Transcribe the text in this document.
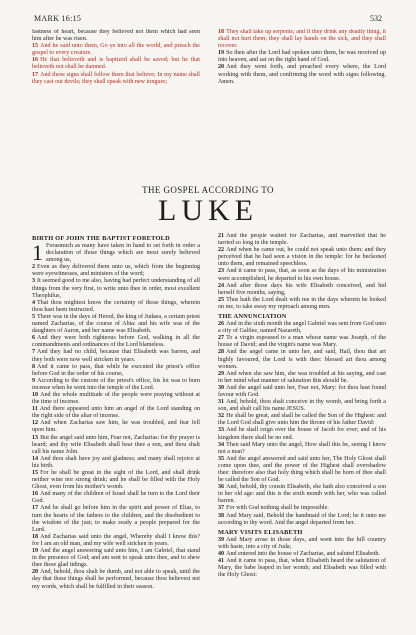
MARK 16:15	532

fastness of heart, because they believed not them which had seen him after he was risen.

15 And he said unto them, Go ye into all the world, and preach the gospel to every creature.

16 He that believeth and is baptized shall be saved; but he that believeth not shall be damned.

17 And these signs shall follow them that believe; In my name shall they cast out devils; they shall speak with new tongues;

18 They shall take up serpents; and if they drink any deadly thing, it shall not hurt them; they shall lay hands on the sick, and they shall recover.

19 So then after the Lord had spoken unto them, he was received up into heaven, and sat on the right hand of God.

20 And they went forth, and preached every where, the Lord working with them, and confirming the word with signs following. Amen.

THE GOSPEL ACCORDING TO
LUKE
BIRTH OF JOHN THE BAPTIST FORETOLD

1 Forasmuch as many have taken in hand to set forth in order a declaration of those things which are most surely believed among us,

2 Even as they delivered them unto us, which from the beginning were eyewitnesses, and ministers of the word;

3 It seemed good to me also, having had perfect understanding of all things from the very first, to write unto thee in order, most excellent Theophilus,

4 That thou mightest know the certainty of those things, wherein thou hast been instructed.

5 There was in the days of Herod, the king of Judaea, a certain priest named Zacharias, of the course of Abia: and his wife was of the daughters of Aaron, and her name was Elisabeth.

6 And they were both righteous before God, walking in all the commandments and ordinances of the Lord blameless.

7 And they had no child, because that Elisabeth was barren, and they both were now well stricken in years.

8 And it came to pass, that while he executed the priest's office before God in the order of his course,

9 According to the custom of the priest's office, his lot was to burn incense when he went into the temple of the Lord.

10 And the whole multitude of the people were praying without at the time of incense.

11 And there appeared unto him an angel of the Lord standing on the right side of the altar of incense.

12 And when Zacharias saw him, he was troubled, and fear fell upon him.

13 But the angel said unto him, Fear not, Zacharias: for thy prayer is heard; and thy wife Elisabeth shall bear thee a son, and thou shalt call his name John.

14 And thou shalt have joy and gladness; and many shall rejoice at his birth.

15 For he shall be great in the sight of the Lord, and shall drink neither wine nor strong drink; and he shall be filled with the Holy Ghost, even from his mother's womb.

16 And many of the children of Israel shall he turn to the Lord their God.

17 And he shall go before him in the spirit and power of Elias, to turn the hearts of the fathers to the children, and the disobedient to the wisdom of the just; to make ready a people prepared for the Lord.

18 And Zacharias said unto the angel, Whereby shall I know this? for I am an old man, and my wife well stricken in years.

19 And the angel answering said unto him, I am Gabriel, that stand in the presence of God; and am sent to speak unto thee, and to shew thee these glad tidings.

20 And, behold, thou shalt be dumb, and not able to speak, until the day that these things shall be performed, because thou believest not my words, which shall be fulfilled in their season.

21 And the people waited for Zacharias, and marvelled that he tarried so long in the temple.

22 And when he came out, he could not speak unto them: and they perceived that he had seen a vision in the temple: for he beckoned unto them, and remained speechless.

23 And it came to pass, that, as soon as the days of his ministration were accomplished, he departed to his own house.

24 And after those days his wife Elisabeth conceived, and hid herself five months, saying,

25 Thus hath the Lord dealt with me in the days wherein he looked on me, to take away my reproach among men.

THE ANNUNCIATION

26 And in the sixth month the angel Gabriel was sent from God unto a city of Galilee, named Nazareth,

27 To a virgin espoused to a man whose name was Joseph, of the house of David; and the virgin's name was Mary.

28 And the angel came in unto her, and said, Hail, thou that art highly favoured, the Lord is with thee: blessed art thou among women.

29 And when she saw him, she was troubled at his saying, and cast in her mind what manner of salutation this should be.

30 And the angel said unto her, Fear not, Mary: for thou hast found favour with God.

31 And, behold, thou shalt conceive in thy womb, and bring forth a son, and shalt call his name JESUS.

32 He shall be great, and shall be called the Son of the Highest: and the Lord God shall give unto him the throne of his father David:

33 And he shall reign over the house of Jacob for ever; and of his kingdom there shall be no end.

34 Then said Mary unto the angel, How shall this be, seeing I know not a man?

35 And the angel answered and said unto her, The Holy Ghost shall come upon thee, and the power of the Highest shall overshadow thee: therefore also that holy thing which shall be born of thee shall be called the Son of God.

36 And, behold, thy cousin Elisabeth, she hath also conceived a son in her old age: and this is the sixth month with her, who was called barren.

37 For with God nothing shall be impossible.

38 And Mary said, Behold the handmaid of the Lord; be it unto me according to thy word. And the angel departed from her.

MARY VISITS ELISABETH

39 And Mary arose in those days, and went into the hill country with haste, into a city of Juda;

40 And entered into the house of Zacharias, and saluted Elisabeth.

41 And it came to pass, that, when Elisabeth heard the salutation of Mary, the babe leaped in her womb; and Elisabeth was filled with the Holy Ghost:
